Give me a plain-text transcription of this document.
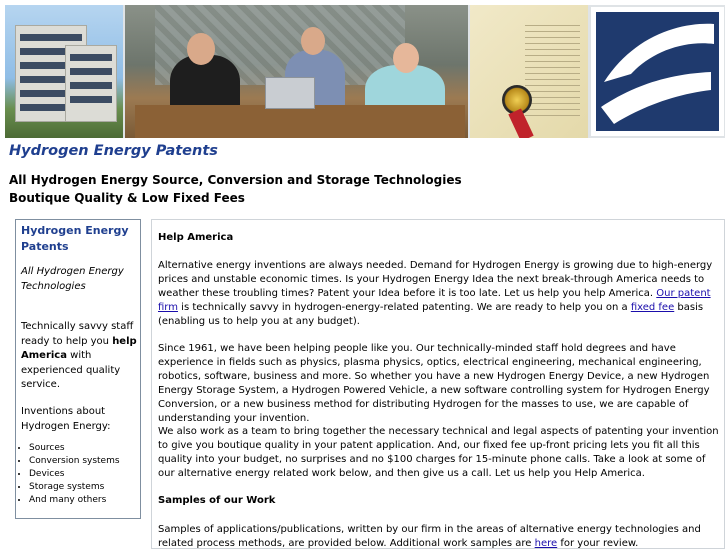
Hydrogen Energy Patents
All Hydrogen Energy Source, Conversion and Storage Technologies
Boutique Quality & Low Fixed Fees
Hydrogen Energy Patents
All Hydrogen Energy Technologies
Technically savvy staff ready to help you help America with experienced quality service.
Inventions about Hydrogen Energy:
• Sources
• Conversion systems
• Devices
• Storage systems
• And many others
Help America

Alternative energy inventions are always needed. Demand for Hydrogen Energy is growing due to high-energy prices and unstable economic times. Is your Hydrogen Energy Idea the next break-through America needs to weather these troubling times? Patent your Idea before it is too late. Let us help you help America. Our patent firm is technically savvy in hydrogen-energy-related patenting. We are ready to help you on a fixed fee basis (enabling us to help you at any budget).

Since 1961, we have been helping people like you. Our technically-minded staff hold degrees and have experience in fields such as physics, plasma physics, optics, electrical engineering, mechanical engineering, robotics, software, business and more. So whether you have a new Hydrogen Energy Device, a new Hydrogen Energy Storage System, a Hydrogen Powered Vehicle, a new software controlling system for Hydrogen Energy Conversion, or a new business method for distributing Hydrogen for the masses to use, we are capable of understanding your invention.

We also work as a team to bring together the necessary technical and legal aspects of patenting your invention to give you boutique quality in your patent application. And, our fixed fee up-front pricing lets you fit all this quality into your budget, no surprises and no $100 charges for 15-minute phone calls. Take a look at some of our alternative energy related work below, and then give us a call. Let us help you Help America.

Samples of our Work

Samples of applications/publications, written by our firm in the areas of alternative energy technologies and related process methods, are provided below. Additional work samples are here for your review.
